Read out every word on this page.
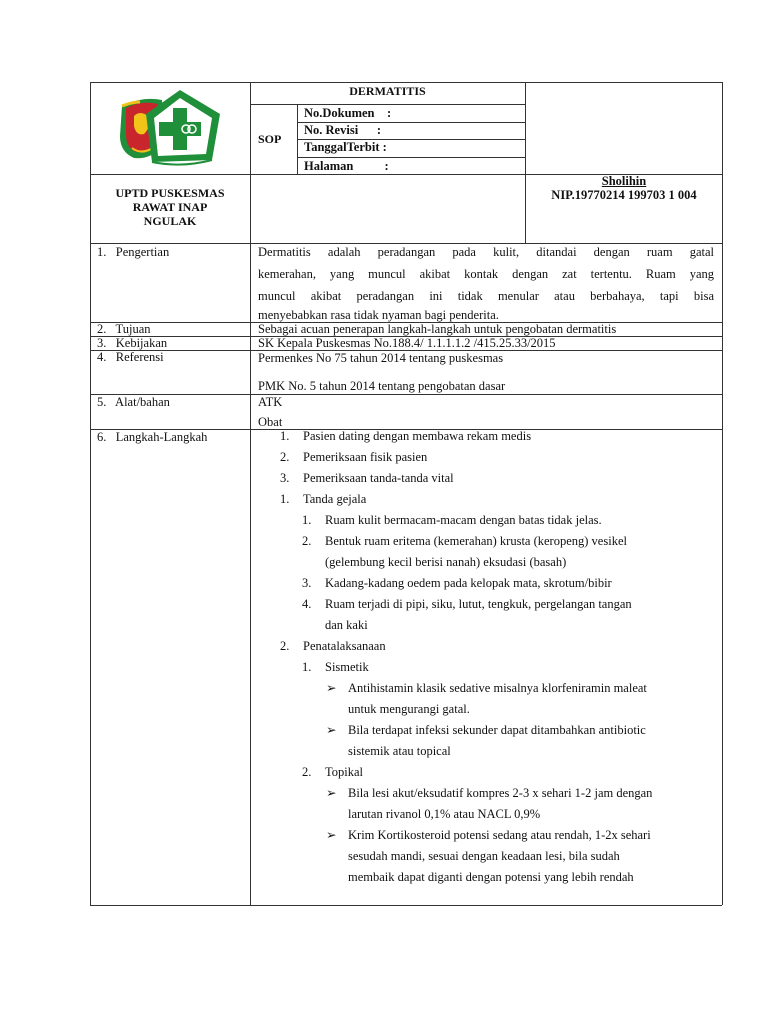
DERMATITIS
SOP
No.Dokumen    :
No. Revisi      :
TanggalTerbit :
Halaman          :
UPTD PUSKESMAS
RAWAT INAP
NGULAK
Sholihin
NIP.19770214 199703 1 004
1.   Pengertian
2.   Tujuan
3.   Kebijakan
4.   Referensi
5.   Alat/bahan
6.   Langkah-Langkah
Dermatitis adalah peradangan pada kulit, ditandai dengan ruam gatal
kemerahan, yang muncul akibat kontak dengan zat tertentu. Ruam yang
muncul akibat peradangan ini tidak menular atau berbahaya, tapi bisa
menyebabkan rasa tidak nyaman bagi penderita.
Sebagai acuan penerapan langkah-langkah untuk pengobatan dermatitis
SK Kepala Puskesmas No.188.4/ 1.1.1.1.2 /415.25.33/2015
Permenkes No 75 tahun 2014 tentang puskesmas
PMK No. 5 tahun 2014 tentang pengobatan dasar
ATK
Obat
1. Pasien dating dengan membawa rekam medis
2. Pemeriksaan fisik pasien
3. Pemeriksaan tanda-tanda vital
1. Tanda gejala
1. Ruam kulit bermacam-macam dengan batas tidak jelas.
2. Bentuk ruam eritema (kemerahan) krusta (keropeng) vesikel
(gelembung kecil berisi nanah) eksudasi (basah)
3. Kadang-kadang oedem pada kelopak mata, skrotum/bibir
4. Ruam terjadi di pipi, siku, lutut, tengkuk, pergelangan tangan
dan kaki
2. Penatalaksanaan
1. Sismetik
➢ Antihistamin klasik sedative misalnya klorfeniramin maleat
untuk mengurangi gatal.
➢ Bila terdapat infeksi sekunder dapat ditambahkan antibiotic
sistemik atau topical
2. Topikal
➢ Bila lesi akut/eksudatif kompres 2-3 x sehari 1-2 jam dengan
larutan rivanol 0,1% atau NACL 0,9%
➢ Krim Kortikosteroid potensi sedang atau rendah, 1-2x sehari
sesudah mandi, sesuai dengan keadaan lesi, bila sudah
membaik dapat diganti dengan potensi yang lebih rendah
